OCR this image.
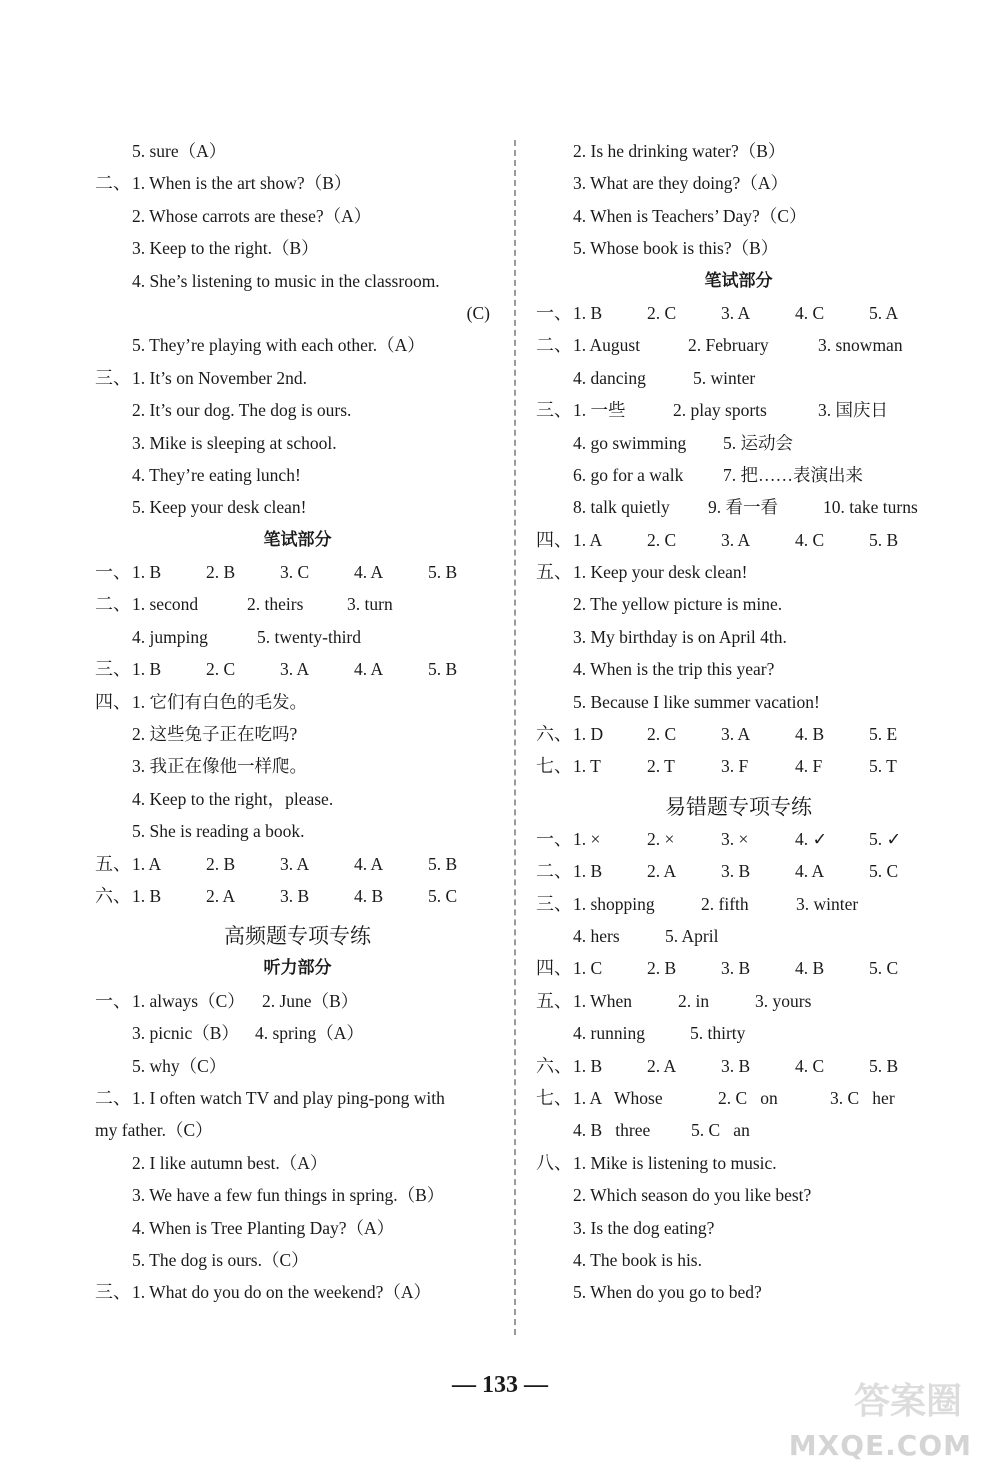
5. sure（A）
二、1. When is the art show?（B）
2. Whose carrots are these?（A）
3. Keep to the right.（B）
4. She’s listening to music in the classroom.
(C)
5. They’re playing with each other.（A）
三、1. It’s on November 2nd.
2. It’s our dog. The dog is ours.
3. Mike is sleeping at school.
4. They’re eating lunch!
5. Keep your desk clean!
笔试部分
一、1. B	2. B	3. C	4. A	5. B
二、1. second	2. theirs 3. turn
4. jumping	5. twenty-third
三、1. B	2. C	3. A	4. A	5. B
四、1. 它们有白色的毛发。
2. 这些兔子正在吃吗?
3. 我正在像他一样爬。
4. Keep to the right，please.
5. She is reading a book.
五、1. A	2. B	3. A	4. A	5. B
六、1. B	2. A	3. B	4. B	5. C
高频题专项专练
听力部分
一、1. always（C） 2. June（B）
3. picnic（B） 4. spring（A）
5. why（C）
二、1. I often watch TV and play ping-pong with
my father.（C）
2. I like autumn best.（A）
3. We have a few fun things in spring.（B）
4. When is Tree Planting Day?（A）
5. The dog is ours.（C）
三、1. What do you do on the weekend?（A）
2. Is he drinking water?（B）
3. What are they doing?（A）
4. When is Teachers’ Day?（C）
5. Whose book is this?（B）
笔试部分
一、1. B	2. C	3. A	4. C	5. A
二、1. August	2. February	3. snowman
4. dancing	5. winter
三、1. 一些	2. play sports	3. 国庆日
4. go swimming 5. 运动会
6. go for a walk 7. 把……表演出来
8. talk quietly 9. 看一看	10. take turns
四、1. A	2. C	3. A	4. C	5. B
五、1. Keep your desk clean!
2. The yellow picture is mine.
3. My birthday is on April 4th.
4. When is the trip this year?
5. Because I like summer vacation!
六、1. D	2. C	3. A	4. B	5. E
七、1. T	2. T	3. F	4. F	5. T
易错题专项专练
一、1. ×	2. ×	3. ×	4. ✓ 5. ✓
二、1. B	2. A	3. B	4. A	5. C
三、1. shopping	2. fifth	3. winter
4. hers	5. April
四、1. C	2. B	3. B	4. B	5. C
五、1. When	2. in	3. yours
4. running	5. thirty
六、1. B	2. A	3. B	4. C	5. B
七、1. A   Whose	2. C   on	3. C   her
4. B   three 5. C   an
八、1. Mike is listening to music.
2. Which season do you like best?
3. Is the dog eating?
4. The book is his.
5. When do you go to bed?
— 133 —	答案圈
MXQE.COM
